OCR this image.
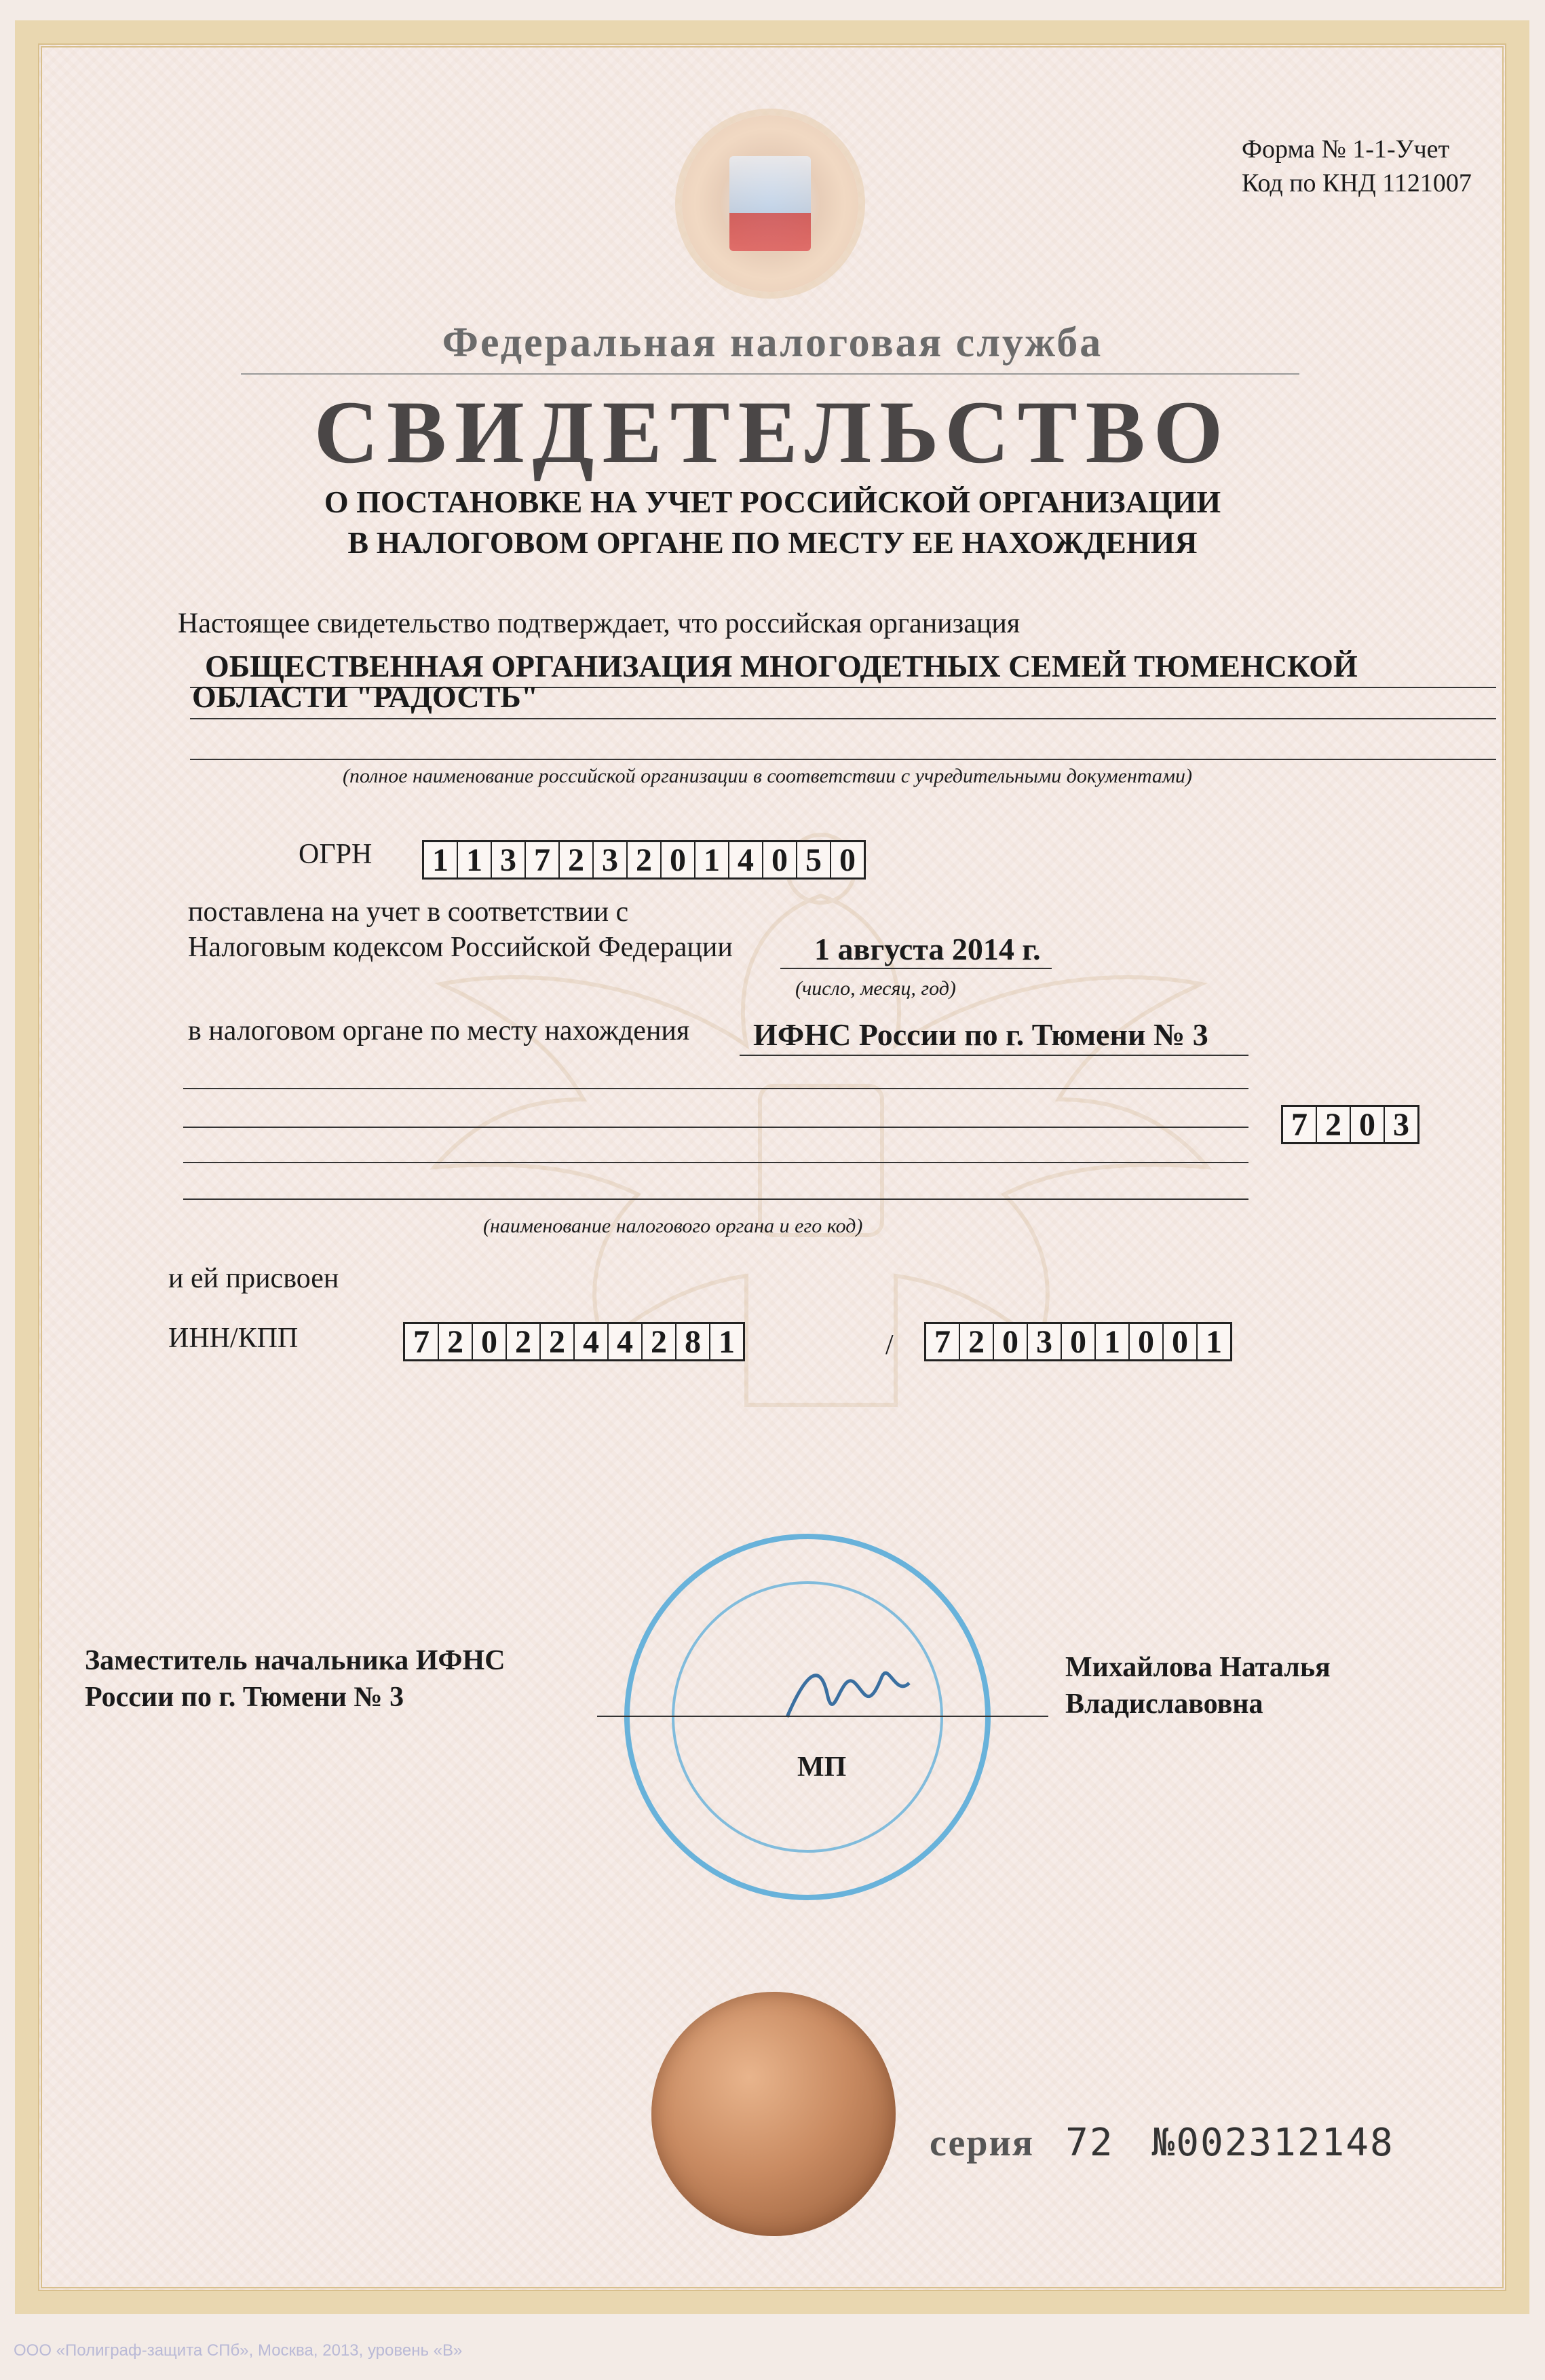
Форма № 1-1-Учет
Код по КНД 1121007
Федеральная налоговая служба
СВИДЕТЕЛЬСТВО
О ПОСТАНОВКЕ НА УЧЕТ РОССИЙСКОЙ ОРГАНИЗАЦИИ
В НАЛОГОВОМ ОРГАНЕ ПО МЕСТУ ЕЕ НАХОЖДЕНИЯ
Настоящее свидетельство подтверждает, что российская организация
ОБЩЕСТВЕННАЯ ОРГАНИЗАЦИЯ МНОГОДЕТНЫХ СЕМЕЙ ТЮМЕНСКОЙ
ОБЛАСТИ "РАДОСТЬ"
(полное наименование российской организации в соответствии с учредительными документами)
ОГРН 1 1 3 7 2 3 2 0 1 4 0 5 0
поставлена на учет в соответствии с
Налоговым кодексом Российской Федерации	1 августа 2014 г.
(число, месяц, год)
в налоговом органе по месту нахождения ИФНС России по г. Тюмени № 3
7 2 0 3
(наименование налогового органа и его код)
и ей присвоен
ИНН/КПП	7 2 0 2 2 4 4 2 8 1	/ 7 2 0 3 0 1 0 0 1
Заместитель начальника ИФНС
России по г. Тюмени № 3
МП
Михайлова Наталья
Владиславовна
серия 72 №002312148
ООО «Полиграф-защита СПб», Москва, 2013, уровень «В»
